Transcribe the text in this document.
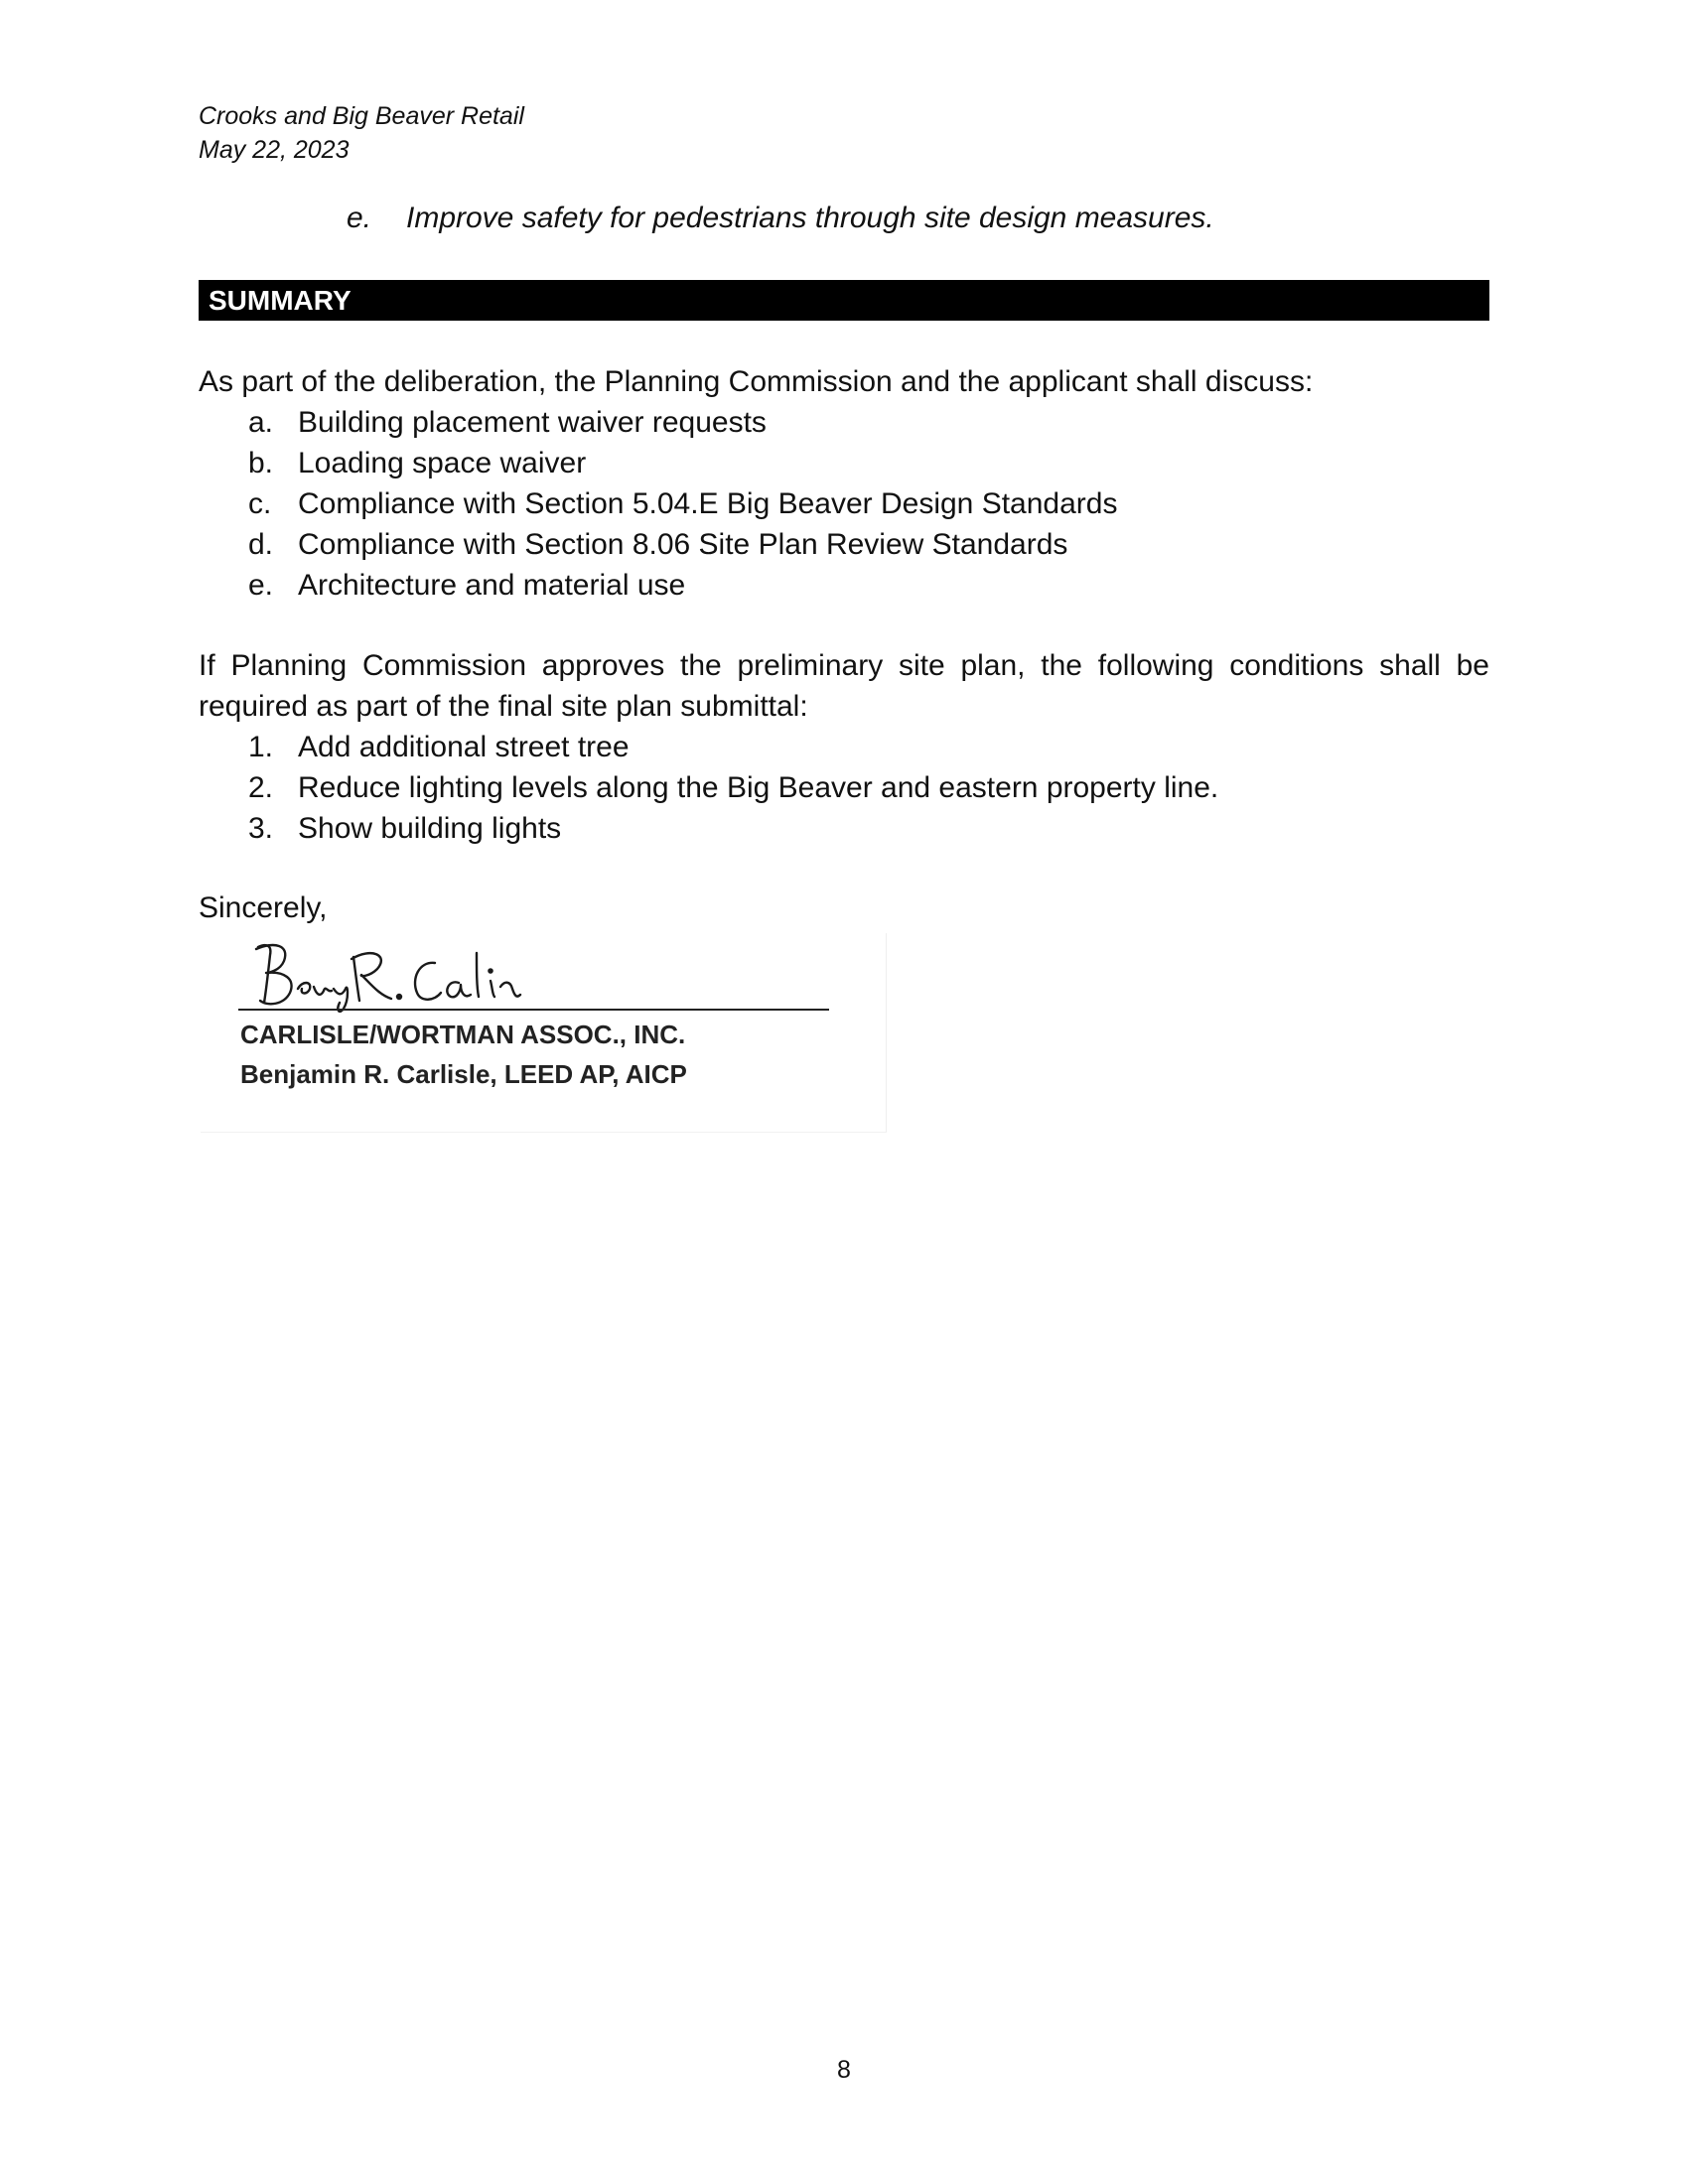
Crooks and Big Beaver Retail
May 22, 2023
e. Improve safety for pedestrians through site design measures.
SUMMARY
As part of the deliberation, the Planning Commission and the applicant shall discuss:
a. Building placement waiver requests
b. Loading space waiver
c. Compliance with Section 5.04.E Big Beaver Design Standards
d. Compliance with Section 8.06 Site Plan Review Standards
e. Architecture and material use
If Planning Commission approves the preliminary site plan, the following conditions shall be required as part of the final site plan submittal:
1. Add additional street tree
2. Reduce lighting levels along the Big Beaver and eastern property line.
3. Show building lights
Sincerely,
CARLISLE/WORTMAN ASSOC., INC.
Benjamin R. Carlisle, LEED AP, AICP
8
